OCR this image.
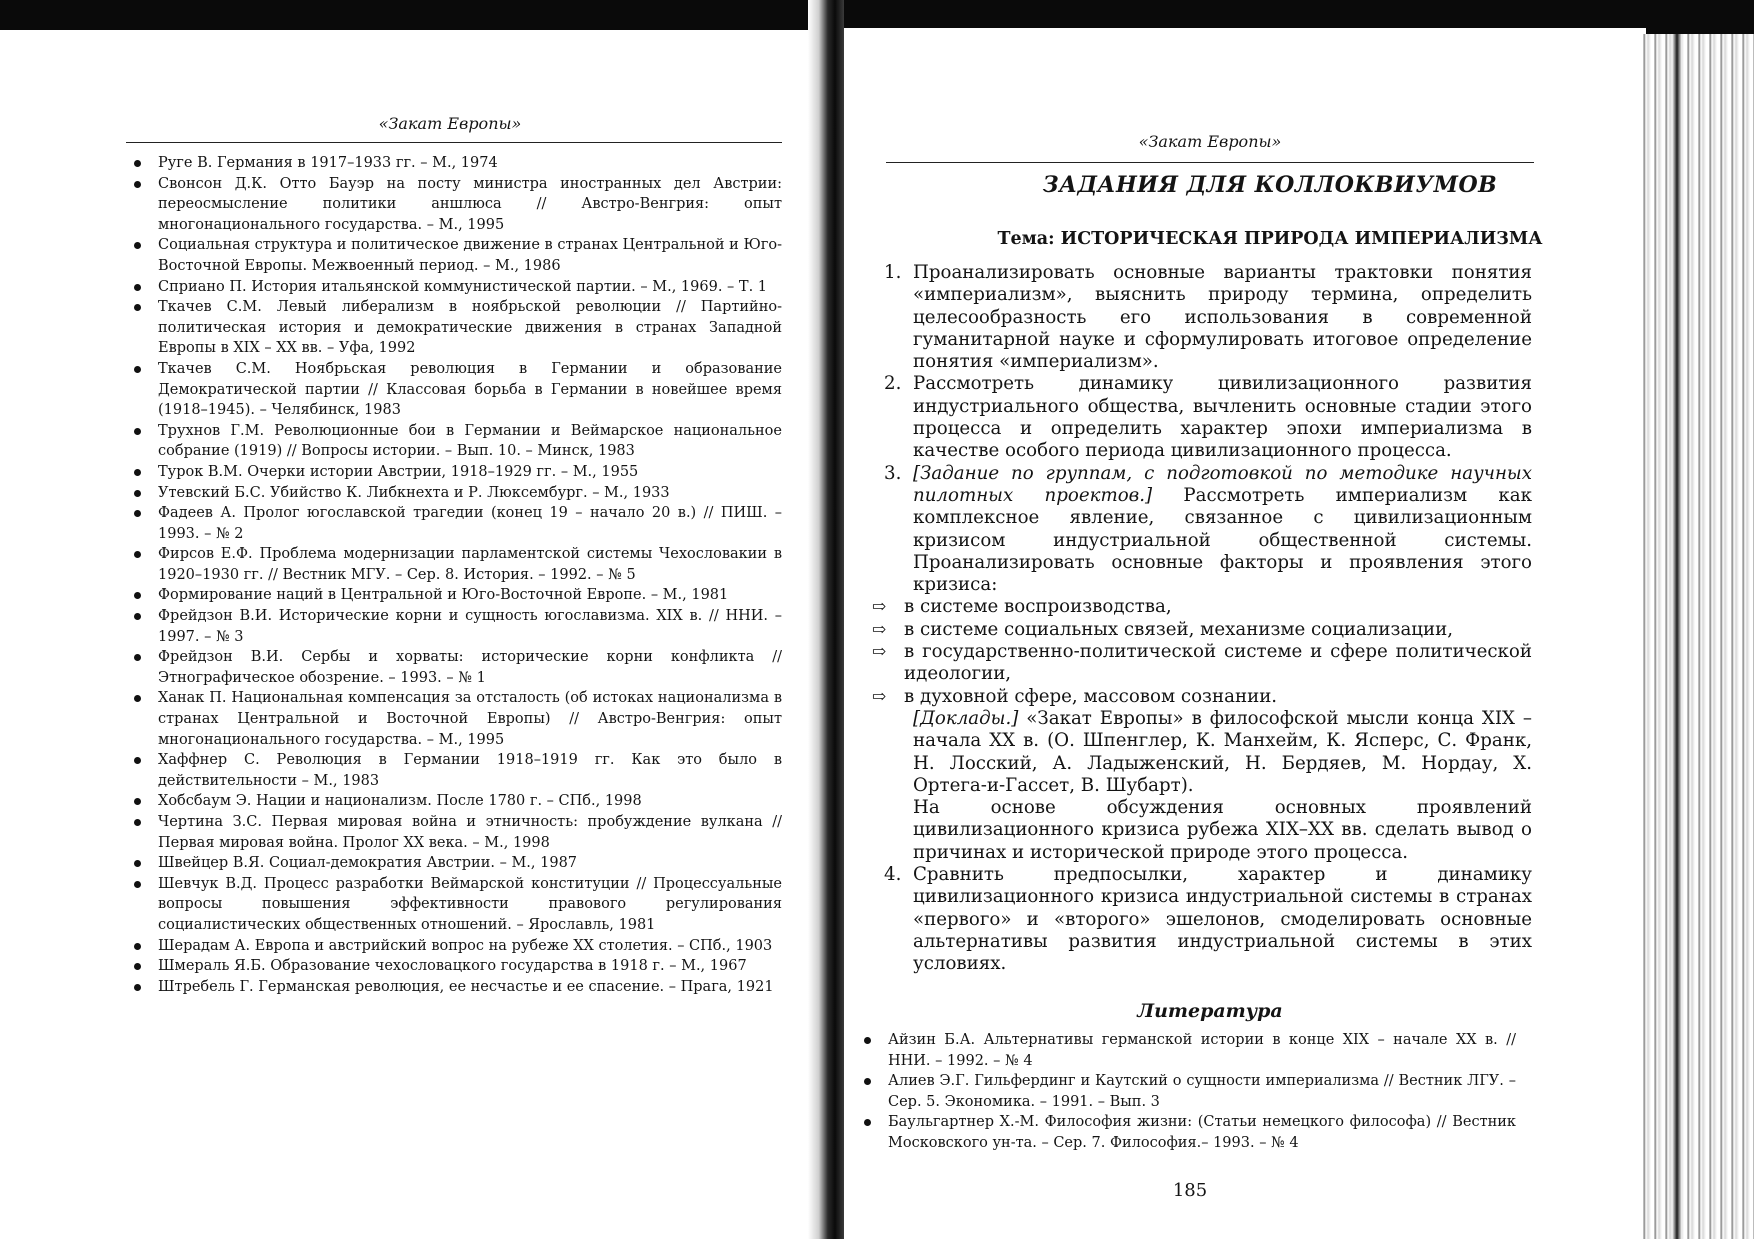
«Закат Европы»
Руге В. Германия в 1917–1933 гг. – М., 1974
Свонсон Д.К. Отто Бауэр на посту министра иностранных дел Австрии: переосмысление политики аншлюса // Австро-Венгрия: опыт многонационального государства. – М., 1995
Социальная структура и политическое движение в странах Центральной и Юго-Восточной Европы. Межвоенный период. – М., 1986
Сприано П. История итальянской коммунистической партии. – М., 1969. – Т. 1
Ткачев С.М. Левый либерализм в ноябрьской революции // Партийно-политическая история и демократические движения в странах Западной Европы в XIX – XX вв. – Уфа, 1992
Ткачев С.М. Ноябрьская революция в Германии и образование Демократической партии // Классовая борьба в Германии в новейшее время (1918–1945). – Челябинск, 1983
Трухнов Г.М. Революционные бои в Германии и Веймарское национальное собрание (1919) // Вопросы истории. – Вып. 10. – Минск, 1983
Турок В.М. Очерки истории Австрии, 1918–1929 гг. – М., 1955
Утевский Б.С. Убийство К. Либкнехта и Р. Люксембург. – М., 1933
Фадеев А. Пролог югославской трагедии (конец 19 – начало 20 в.) // ПИШ. – 1993. – № 2
Фирсов Е.Ф. Проблема модернизации парламентской системы Чехословакии в 1920–1930 гг. // Вестник МГУ. – Сер. 8. История. – 1992. – № 5
Формирование наций в Центральной и Юго-Восточной Европе. – М., 1981
Фрейдзон В.И. Исторические корни и сущность югославизма. XIX в. // ННИ. – 1997. – № 3
Фрейдзон В.И. Сербы и хорваты: исторические корни конфликта // Этнографическое обозрение. – 1993. – № 1
Ханак П. Национальная компенсация за отсталость (об истоках национализма в странах Центральной и Восточной Европы) // Австро-Венгрия: опыт многонационального государства. – М., 1995
Хаффнер С. Революция в Германии 1918–1919 гг. Как это было в действительности – М., 1983
Хобсбаум Э. Нации и национализм. После 1780 г. – СПб., 1998
Чертина З.С. Первая мировая война и этничность: пробуждение вулкана // Первая мировая война. Пролог XX века. – М., 1998
Швейцер В.Я. Социал-демократия Австрии. – М., 1987
Шевчук В.Д. Процесс разработки Веймарской конституции // Процессуальные вопросы повышения эффективности правового регулирования социалистических общественных отношений. – Ярославль, 1981
Шерадам А. Европа и австрийский вопрос на рубеже XX столетия. – СПб., 1903
Шмераль Я.Б. Образование чехословацкого государства в 1918 г. – М., 1967
Штребель Г. Германская революция, ее несчастье и ее спасение. – Прага, 1921
«Закат Европы»
ЗАДАНИЯ ДЛЯ КОЛЛОКВИУМОВ
Тема: ИСТОРИЧЕСКАЯ ПРИРОДА ИМПЕРИАЛИЗМА
1. Проанализировать основные варианты трактовки понятия «империализм», выяснить природу термина, определить целесообразность его использования в современной гуманитарной науке и сформулировать итоговое определение понятия «империализм».
2. Рассмотреть динамику цивилизационного развития индустриального общества, вычленить основные стадии этого процесса и определить характер эпохи империализма в качестве особого периода цивилизационного процесса.
3. [Задание по группам, с подготовкой по методике научных пилотных проектов.] Рассмотреть империализм как комплексное явление, связанное с цивилизационным кризисом индустриальной общественной системы. Проанализировать основные факторы и проявления этого кризиса:
⇨ в системе воспроизводства,
⇨ в системе социальных связей, механизме социализации,
⇨ в государственно-политической системе и сфере политической идеологии,
⇨ в духовной сфере, массовом сознании.
[Доклады.] «Закат Европы» в философской мысли конца XIX – начала XX в. (О. Шпенглер, К. Манхейм, К. Ясперс, С. Франк, Н. Лосский, А. Ладыженский, Н. Бердяев, М. Нордау, Х. Ортега-и-Гассет, В. Шубарт).
На основе обсуждения основных проявлений цивилизационного кризиса рубежа XIX–XX вв. сделать вывод о причинах и исторической природе этого процесса.
4. Сравнить предпосылки, характер и динамику цивилизационного кризиса индустриальной системы в странах «первого» и «второго» эшелонов, смоделировать основные альтернативы развития индустриальной системы в этих условиях.
Литература
Айзин Б.А. Альтернативы германской истории в конце XIX – начале XX в. // ННИ. – 1992. – № 4
Алиев Э.Г. Гильфердинг и Каутский о сущности империализма // Вестник ЛГУ. – Сер. 5. Экономика. – 1991. – Вып. 3
Баульгартнер Х.-М. Философия жизни: (Статьи немецкого философа) // Вестник Московского ун-та. – Сер. 7. Философия.– 1993. – № 4
185
